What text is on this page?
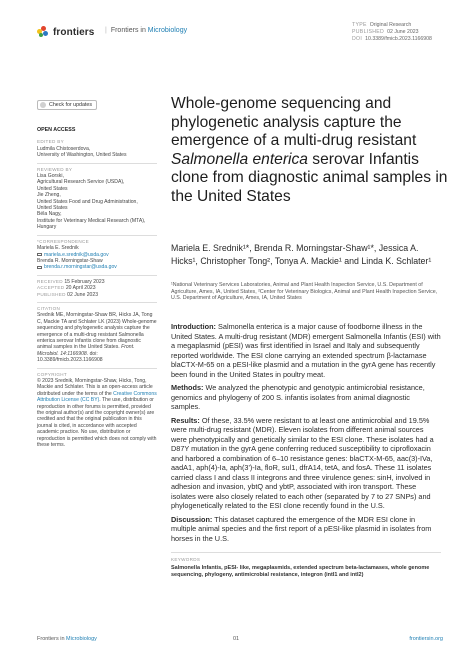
frontiers | Frontiers in Microbiology
TYPE Original Research
PUBLISHED 02 June 2023
DOI 10.3389/fmicb.2023.1166908
Check for updates
OPEN ACCESS
EDITED BY
Ludmila Chistoserdova,
University of Washington, United States
REVIEWED BY
Lisa Gorski,
Agricultural Research Service (USDA),
United States
Jie Zheng,
United States Food and Drug Administration,
United States
Béla Nagy,
Institute for Veterinary Medical Research (MTA),
Hungary
*CORRESPONDENCE
Mariela E. Srednik
mariela.e.srednik@usda.gov
Brenda R. Morningstar-Shaw
brenda.r.morningstar@usda.gov
RECEIVED 15 February 2023
ACCEPTED 20 April 2023
PUBLISHED 02 June 2023
CITATION
Srednik ME, Morningstar-Shaw BR, Hicks JA, Tong C, Mackie TA and Schlater LK (2023) Whole-genome sequencing and phylogenetic analysis capture the emergence of a multi-drug resistant Salmonella enterica serovar Infantis clone from diagnostic animal samples in the United States. Front. Microbiol. 14:1166908. doi: 10.3389/fmicb.2023.1166908
COPYRIGHT
© 2023 Srednik, Morningstar-Shaw, Hicks, Tong, Mackie and Schlater. This is an open-access article distributed under the terms of the Creative Commons Attribution License (CC BY). The use, distribution or reproduction in other forums is permitted, provided the original author(s) and the copyright owner(s) are credited and that the original publication in this journal is cited, in accordance with accepted academic practice. No use, distribution or reproduction is permitted which does not comply with these terms.
Whole-genome sequencing and phylogenetic analysis capture the emergence of a multi-drug resistant Salmonella enterica serovar Infantis clone from diagnostic animal samples in the United States
Mariela E. Srednik¹*, Brenda R. Morningstar-Shaw¹*, Jessica A. Hicks¹, Christopher Tong², Tonya A. Mackie¹ and Linda K. Schlater¹
¹National Veterinary Services Laboratories, Animal and Plant Health Inspection Service, U.S. Department of Agriculture, Ames, IA, United States, ²Center for Veterinary Biologics, Animal and Plant Health Inspection Service, U.S. Department of Agriculture, Ames, IA, United States

Introduction: Salmonella enterica is a major cause of foodborne illness in the United States. A multi-drug resistant (MDR) emergent Salmonella Infantis (ESI) with a megaplasmid (pESI) was first identified in Israel and Italy and subsequently reported worldwide. The ESI clone carrying an extended spectrum β-lactamase blaCTX-M-65 on a pESI-like plasmid and a mutation in the gyrA gene has recently been found in the United States in poultry meat.

Methods: We analyzed the phenotypic and genotypic antimicrobial resistance, genomics and phylogeny of 200 S. infantis isolates from animal diagnostic samples.

Results: Of these, 33.5% were resistant to at least one antimicrobial and 19.5% were multi-drug resistant (MDR). Eleven isolates from different animal sources were phenotypically and genetically similar to the ESI clone. These isolates had a D87Y mutation in the gyrA gene conferring reduced susceptibility to ciprofloxacin and harbored a combination of 6–10 resistance genes: blaCTX-M-65, aac(3)-IVa, aadA1, aph(4)-Ia, aph(3')-Ia, floR, sul1, dfrA14, tetA, and fosA. These 11 isolates carried class I and class II integrons and three virulence genes: sinH, involved in adhesion and invasion, ybtQ and ybtP, associated with iron transport. These isolates were also closely related to each other (separated by 7 to 27 SNPs) and phylogenetically related to the ESI clone recently found in the U.S.

Discussion: This dataset captured the emergence of the MDR ESI clone in multiple animal species and the first report of a pESI-like plasmid in isolates from horses in the U.S.

KEYWORDS
Salmonella Infantis, pESI- like, megaplasmids, extended spectrum beta-lactamases, whole genome sequencing, phylogeny, antimicrobial resistance, integron (intI1 and intI2)
Frontiers in Microbiology	01	frontiersin.org
